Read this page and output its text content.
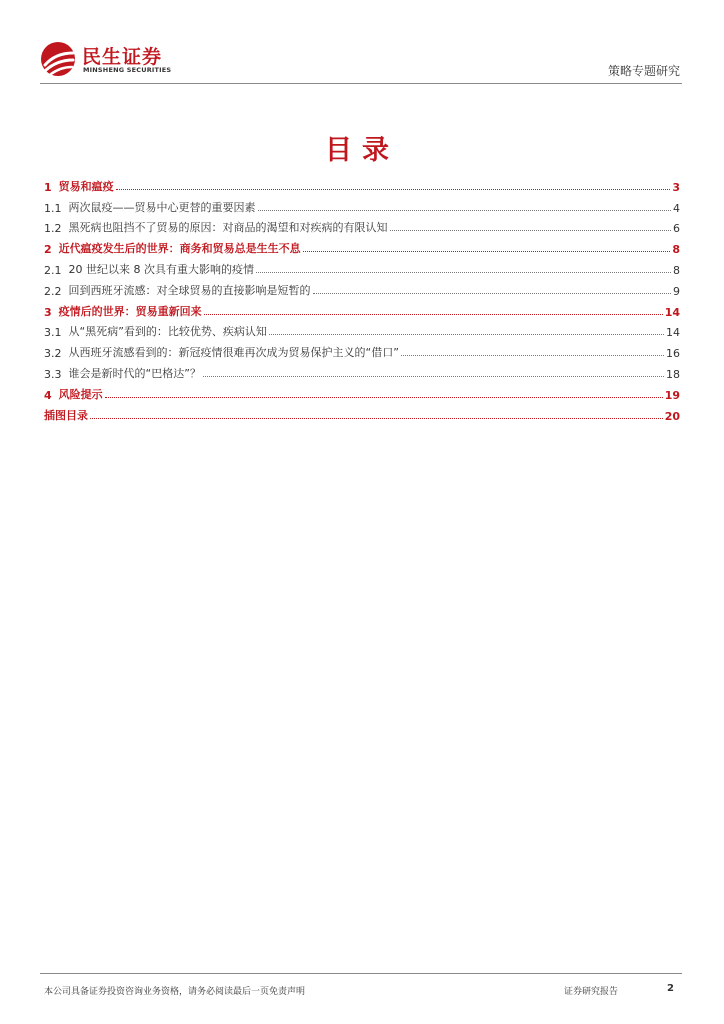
民生证券
MINSHENG SECURITIES	策略专题研究
目录
1 贸易和瘟疫	3
1.1 两次鼠疫——贸易中心更替的重要因素	4
1.2 黑死病也阻挡不了贸易的原因：对商品的渴望和对疾病的有限认知	6
2 近代瘟疫发生后的世界：商务和贸易总是生生不息	8
2.1 20 世纪以来 8 次具有重大影响的疫情	8
2.2 回到西班牙流感：对全球贸易的直接影响是短暂的	9
3 疫情后的世界：贸易重新回来	14
3.1 从“黑死病”看到的：比较优势、疾病认知	14
3.2 从西班牙流感看到的：新冠疫情很难再次成为贸易保护主义的“借口”	16
3.3 谁会是新时代的“巴格达”？	18
4 风险提示	19
插图目录	20
本公司具备证券投资咨询业务资格，请务必阅读最后一页免责声明	证券研究报告	2
